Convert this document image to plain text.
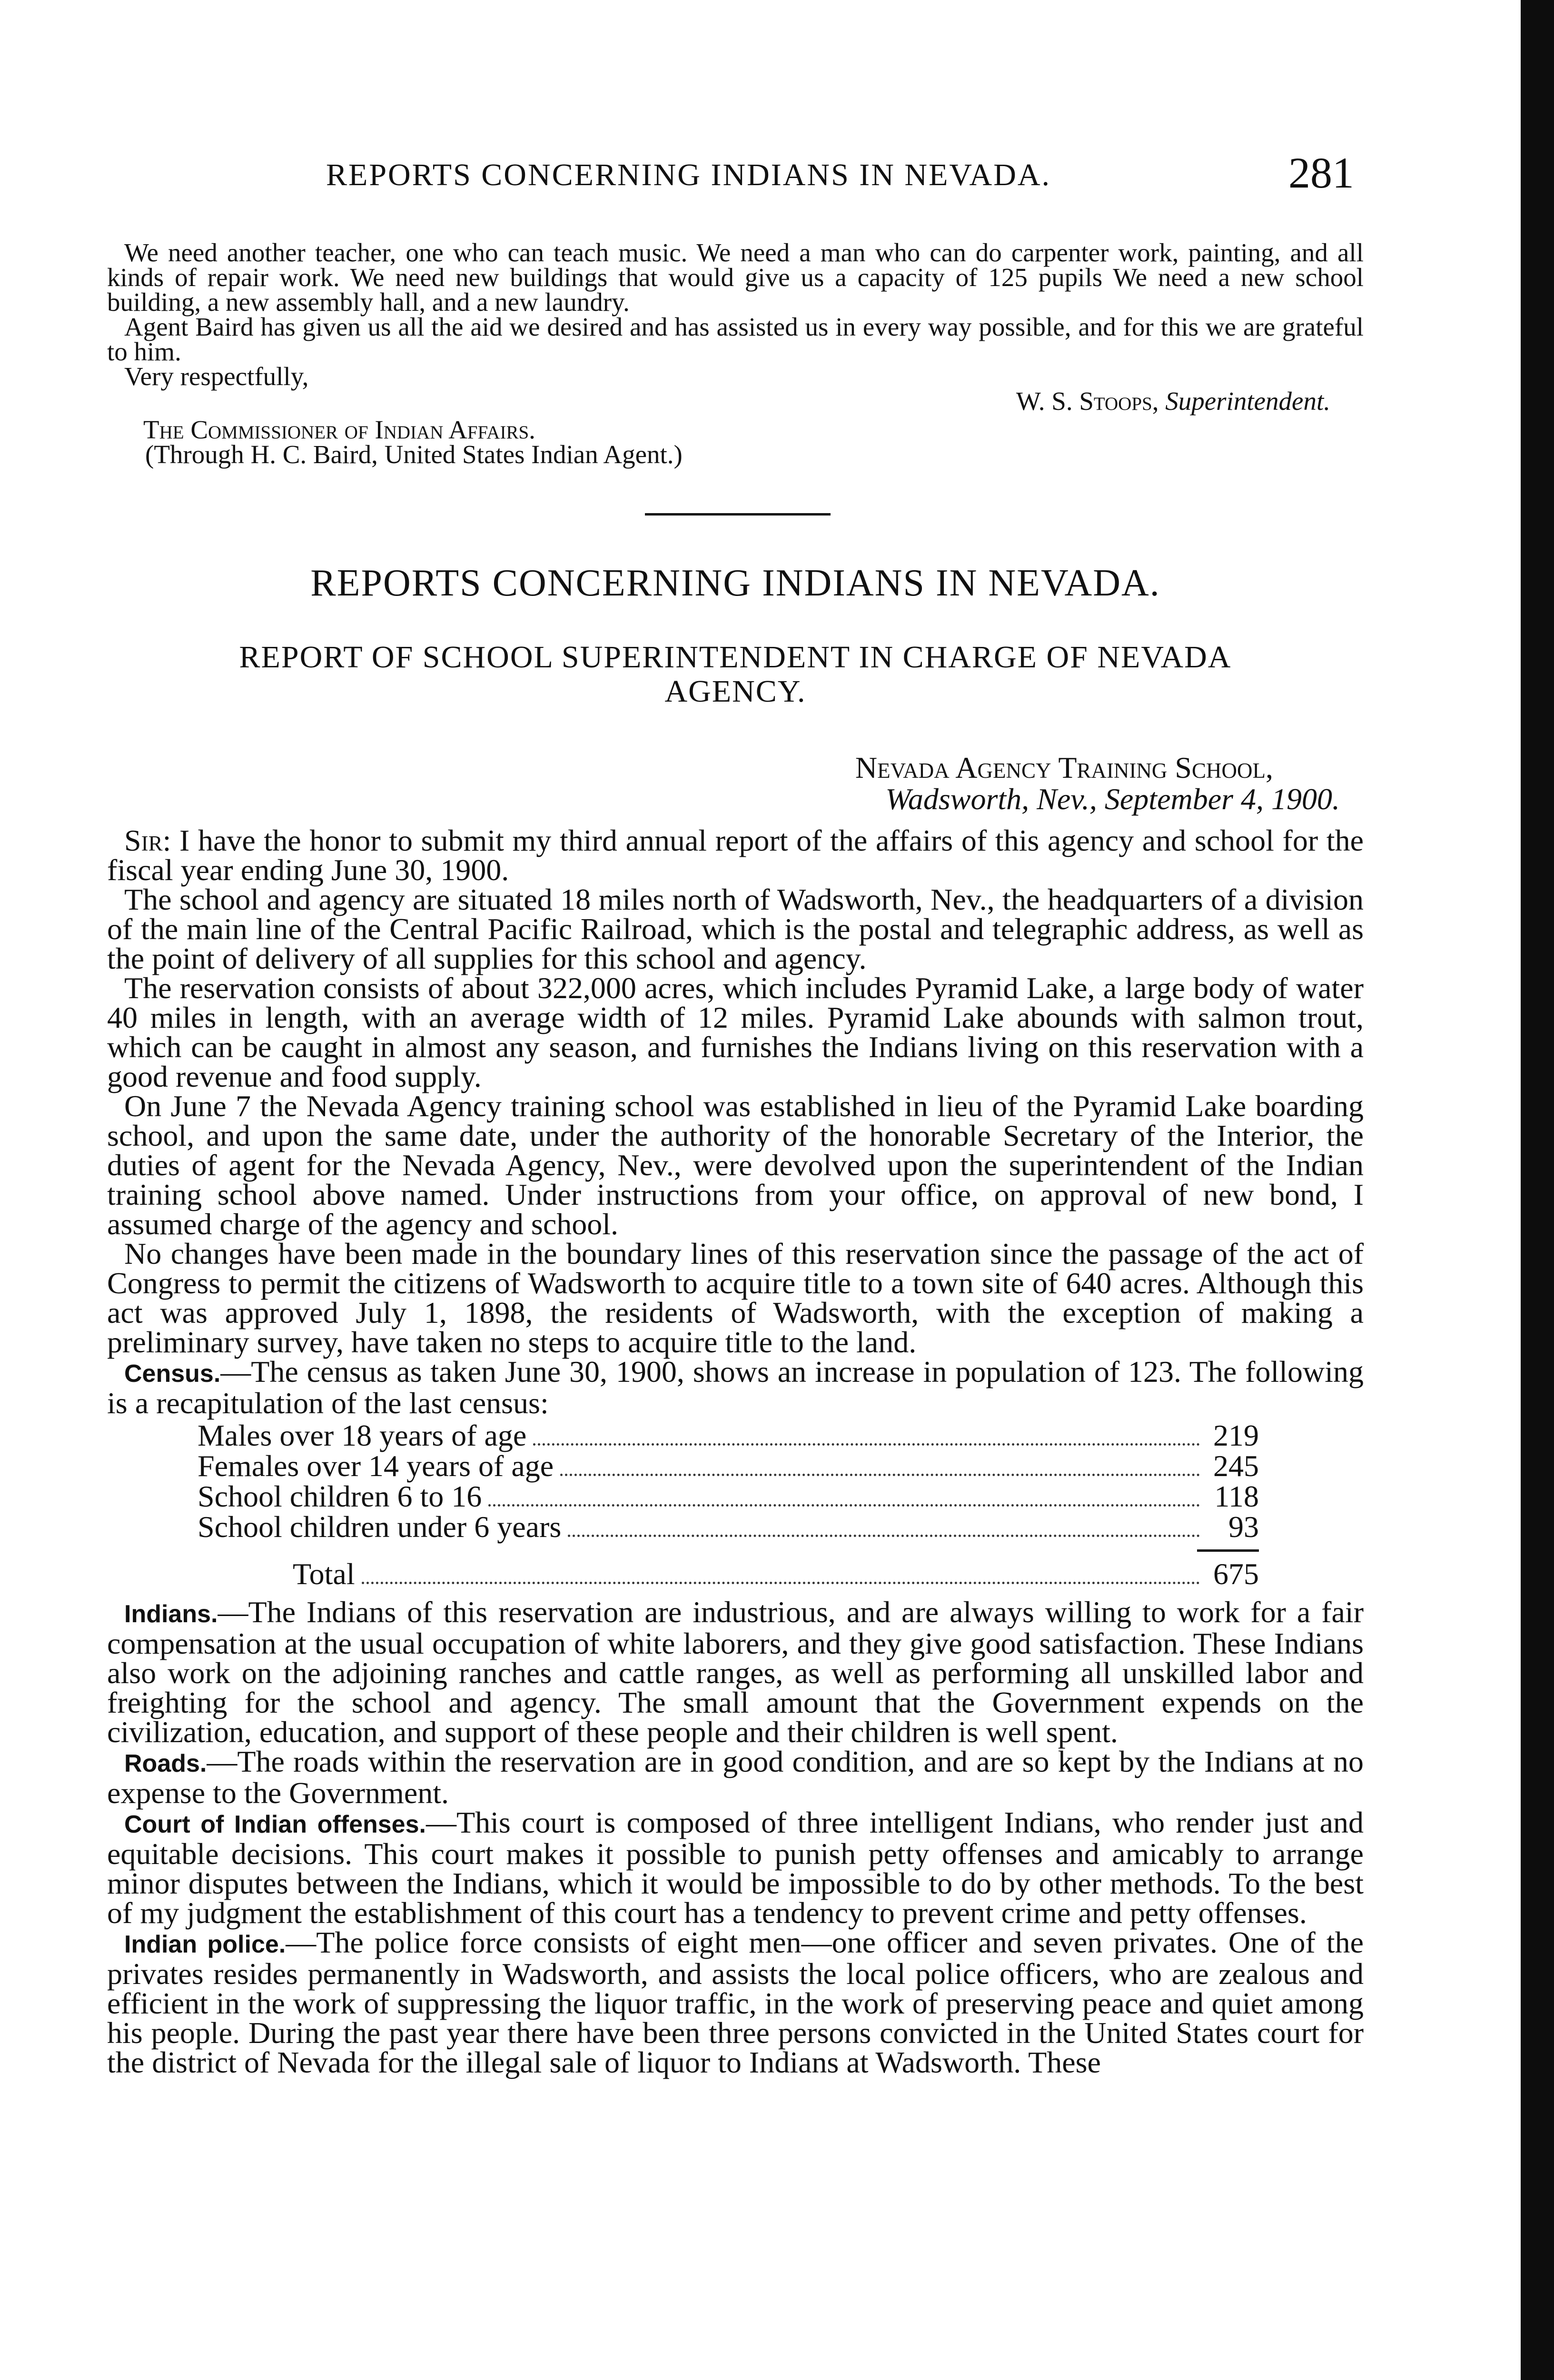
REPORTS CONCERNING INDIANS IN NEVADA.	281

We need another teacher, one who can teach music. We need a man who can do carpenter work, painting, and all kinds of repair work. We need new buildings that would give us a capacity of 125 pupils We need a new school building, a new assembly hall, and a new laundry.

Agent Baird has given us all the aid we desired and has assisted us in every way possible, and for this we are grateful to him.

Very respectfully,

W. S. Stoops, Superintendent.

The Commissioner of Indian Affairs.

(Through H. C. Baird, United States Indian Agent.)

REPORTS CONCERNING INDIANS IN NEVADA.
REPORT OF SCHOOL SUPERINTENDENT IN CHARGE OF NEVADA
AGENCY.
Nevada Agency Training School,
Wadsworth, Nev., September 4, 1900.

Sir: I have the honor to submit my third annual report of the affairs of this agency and school for the fiscal year ending June 30, 1900.

The school and agency are situated 18 miles north of Wadsworth, Nev., the headquarters of a division of the main line of the Central Pacific Railroad, which is the postal and telegraphic address, as well as the point of delivery of all supplies for this school and agency.

The reservation consists of about 322,000 acres, which includes Pyramid Lake, a large body of water 40 miles in length, with an average width of 12 miles. Pyramid Lake abounds with salmon trout, which can be caught in almost any season, and furnishes the Indians living on this reservation with a good revenue and food supply.

On June 7 the Nevada Agency training school was established in lieu of the Pyramid Lake boarding school, and upon the same date, under the authority of the honorable Secretary of the Interior, the duties of agent for the Nevada Agency, Nev., were devolved upon the superintendent of the Indian training school above named. Under instructions from your office, on approval of new bond, I assumed charge of the agency and school.

No changes have been made in the boundary lines of this reservation since the passage of the act of Congress to permit the citizens of Wadsworth to acquire title to a town site of 640 acres. Although this act was approved July 1, 1898, the residents of Wadsworth, with the exception of making a preliminary survey, have taken no steps to acquire title to the land.

Census.—The census as taken June 30, 1900, shows an increase in population of 123. The following is a recapitulation of the last census:

Males over 18 years of age	219
Females over 14 years of age	245
School children 6 to 16	118
School children under 6 years	93
Total	675

Indians.—The Indians of this reservation are industrious, and are always willing to work for a fair compensation at the usual occupation of white laborers, and they give good satisfaction. These Indians also work on the adjoining ranches and cattle ranges, as well as performing all unskilled labor and freighting for the school and agency. The small amount that the Government expends on the civilization, education, and support of these people and their children is well spent.

Roads.—The roads within the reservation are in good condition, and are so kept by the Indians at no expense to the Government.

Court of Indian offenses.—This court is composed of three intelligent Indians, who render just and equitable decisions. This court makes it possible to punish petty offenses and amicably to arrange minor disputes between the Indians, which it would be impossible to do by other methods. To the best of my judgment the establishment of this court has a tendency to prevent crime and petty offenses.

Indian police.—The police force consists of eight men—one officer and seven privates. One of the privates resides permanently in Wadsworth, and assists the local police officers, who are zealous and efficient in the work of suppressing the liquor traffic, in the work of preserving peace and quiet among his people. During the past year there have been three persons convicted in the United States court for the district of Nevada for the illegal sale of liquor to Indians at Wadsworth. These
